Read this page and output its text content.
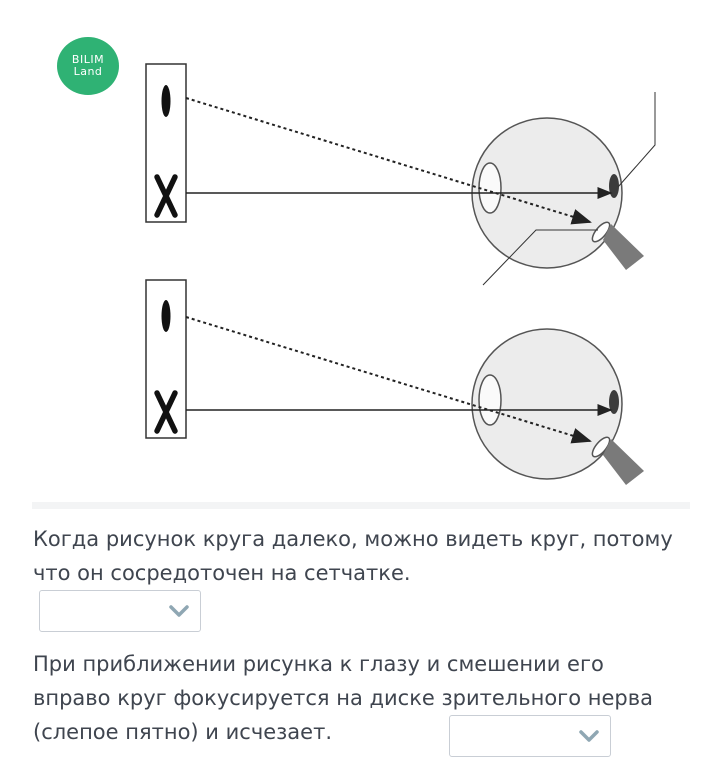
BILIM
Land

Когда рисунок круга далеко, можно видеть круг, потому что он сосредоточен на сетчатке.

При приближении рисунка к глазу и смешении его вправо круг фокусируется на диске зрительного нерва (слепое пятно) и исчезает.
